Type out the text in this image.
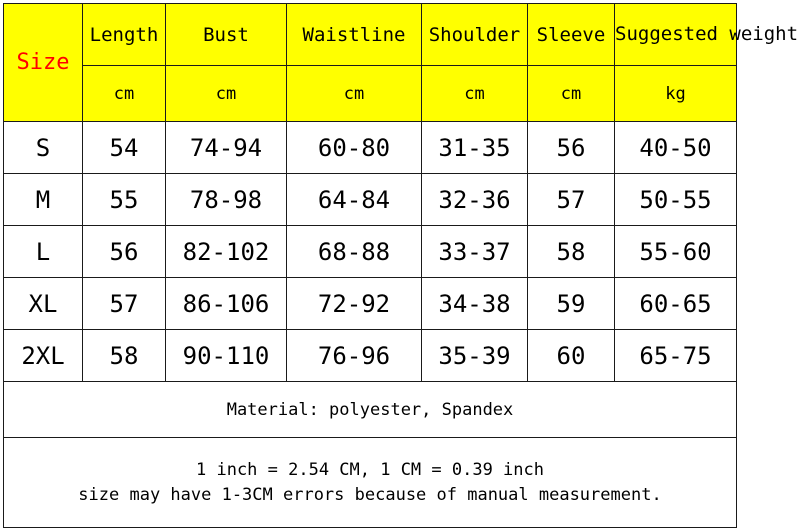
Size	Length	Bust	Waistline	Shoulder	Sleeve	Suggested weight
	cm	cm	cm	cm	cm	kg
S	54	74-94	60-80	31-35	56	40-50
M	55	78-98	64-84	32-36	57	50-55
L	56	82-102	68-88	33-37	58	55-60
XL	57	86-106	72-92	34-38	59	60-65
2XL	58	90-110	76-96	35-39	60	65-75
Material: polyester, Spandex						

1 inch = 2.54 CM, 1 CM = 0.39 inch
size may have 1-3CM errors because of manual measurement.						
